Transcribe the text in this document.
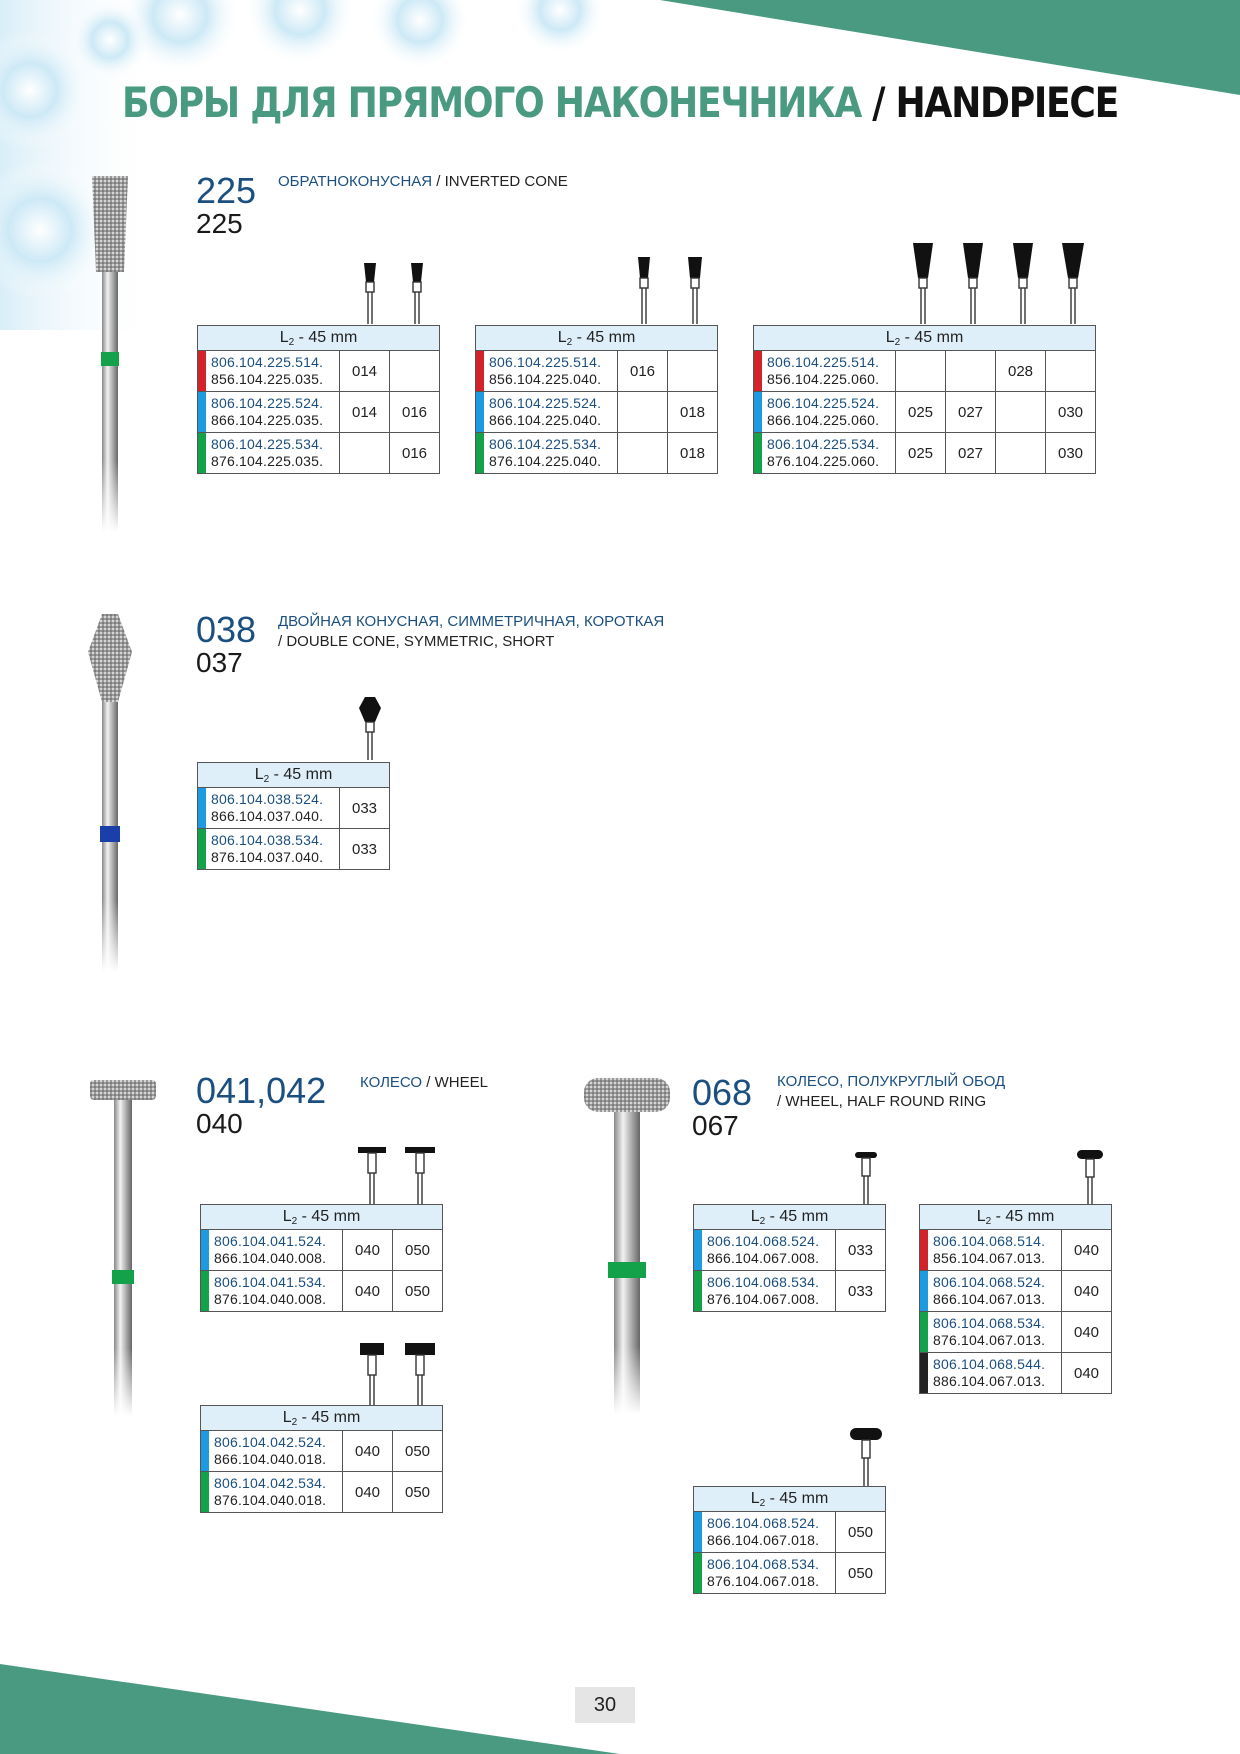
БОРЫ ДЛЯ ПРЯМОГО НАКОНЕЧНИКА / HANDPIECE
225
225
ОБРАТНОКОНУСНАЯ / INVERTED CONE
L2 - 45 mm		

806.104.225.514.
856.104.225.035.	014	

806.104.225.524.
866.104.225.035.	014	016

806.104.225.534.
876.104.225.035.		016
L2 - 45 mm		

806.104.225.514.
856.104.225.040.	016	

806.104.225.524.
866.104.225.040.		018

806.104.225.534.
876.104.225.040.		018
L2 - 45 mm				

806.104.225.514.
856.104.225.060.			028	

806.104.225.524.
866.104.225.060.	025	027		030

806.104.225.534.
876.104.225.060.	025	027		030
038
037
ДВОЙНАЯ КОНУСНАЯ, СИММЕТРИЧНАЯ, КОРОТКАЯ
/ DOUBLE CONE, SYMMETRIC, SHORT
L2 - 45 mm	

806.104.038.524.
866.104.037.040.	033

806.104.038.534.
876.104.037.040.	033
041,042
040
КОЛЕСО / WHEEL
L2 - 45 mm		

806.104.041.524.
866.104.040.008.	040	050

806.104.041.534.
876.104.040.008.	040	050
L2 - 45 mm		

806.104.042.524.
866.104.040.018.	040	050

806.104.042.534.
876.104.040.018.	040	050
068
067
КОЛЕСО, ПОЛУКРУГЛЫЙ ОБОД
/ WHEEL, HALF ROUND RING
L2 - 45 mm	

806.104.068.524.
866.104.067.008.	033

806.104.068.534.
876.104.067.008.	033
L2 - 45 mm	

806.104.068.514.
856.104.067.013.	040

806.104.068.524.
866.104.067.013.	040

806.104.068.534.
876.104.067.013.	040

806.104.068.544.
886.104.067.013.	040
L2 - 45 mm	

806.104.068.524.
866.104.067.018.	050

806.104.068.534.
876.104.067.018.	050
30
